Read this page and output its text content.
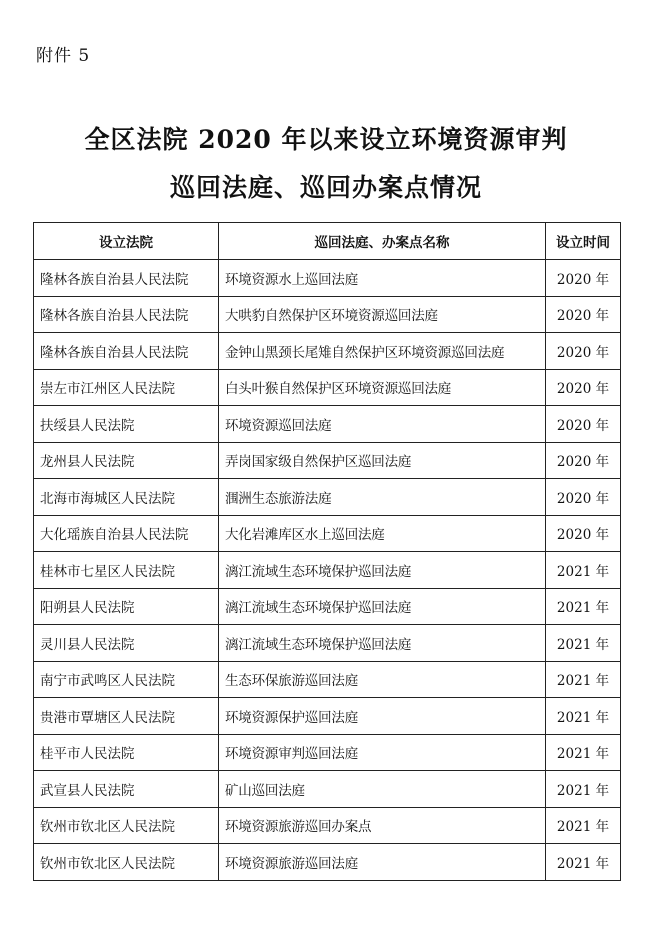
附件 5
全区法院 2020 年以来设立环境资源审判
巡回法庭、巡回办案点情况
设立法院	巡回法庭、办案点名称	设立时间
隆林各族自治县人民法院	环境资源水上巡回法庭	2020 年
隆林各族自治县人民法院	大哄豹自然保护区环境资源巡回法庭	2020 年
隆林各族自治县人民法院	金钟山黑颈长尾雉自然保护区环境资源巡回法庭	2020 年
崇左市江州区人民法院	白头叶猴自然保护区环境资源巡回法庭	2020 年
扶绥县人民法院	环境资源巡回法庭	2020 年
龙州县人民法院	弄岗国家级自然保护区巡回法庭	2020 年
北海市海城区人民法院	涠洲生态旅游法庭	2020 年
大化瑶族自治县人民法院	大化岩滩库区水上巡回法庭	2020 年
桂林市七星区人民法院	漓江流域生态环境保护巡回法庭	2021 年
阳朔县人民法院	漓江流域生态环境保护巡回法庭	2021 年
灵川县人民法院	漓江流域生态环境保护巡回法庭	2021 年
南宁市武鸣区人民法院	生态环保旅游巡回法庭	2021 年
贵港市覃塘区人民法院	环境资源保护巡回法庭	2021 年
桂平市人民法院	环境资源审判巡回法庭	2021 年
武宣县人民法院	矿山巡回法庭	2021 年
钦州市钦北区人民法院	环境资源旅游巡回办案点	2021 年
钦州市钦北区人民法院	环境资源旅游巡回法庭	2021 年
